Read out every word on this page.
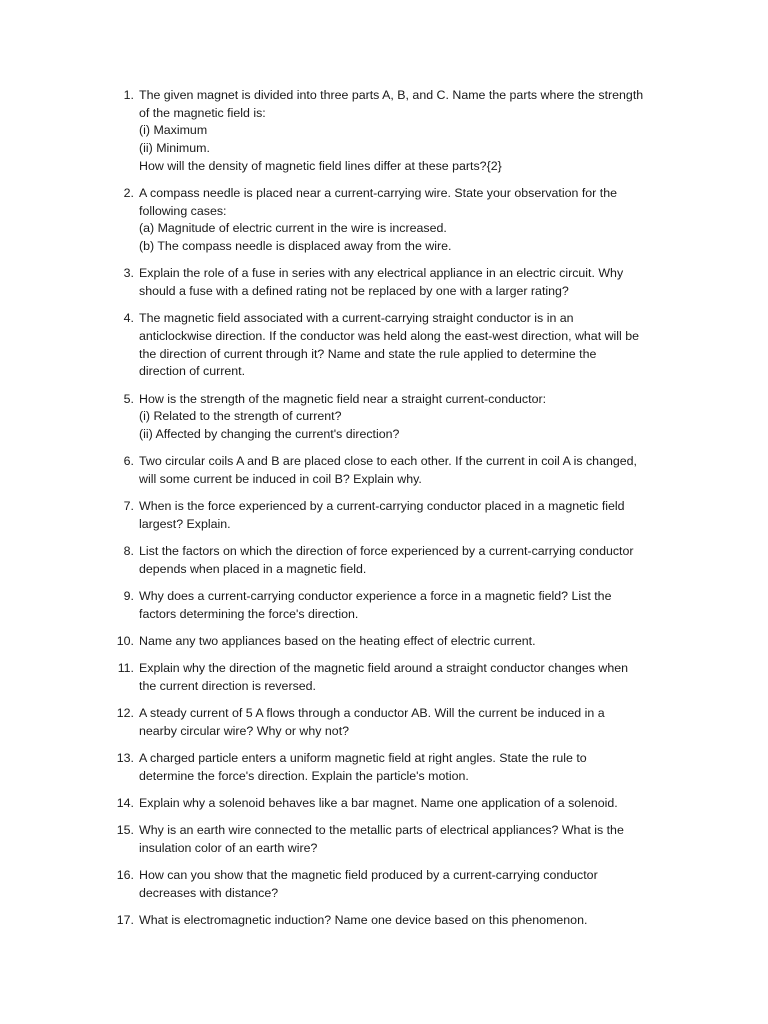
1. The given magnet is divided into three parts A, B, and C. Name the parts where the strength
of the magnetic field is:
(i) Maximum
(ii) Minimum.
How will the density of magnetic field lines differ at these parts?{2}
2. A compass needle is placed near a current-carrying wire. State your observation for the
following cases:
(a) Magnitude of electric current in the wire is increased.
(b) The compass needle is displaced away from the wire.
3. Explain the role of a fuse in series with any electrical appliance in an electric circuit. Why
should a fuse with a defined rating not be replaced by one with a larger rating?
4. The magnetic field associated with a current-carrying straight conductor is in an
anticlockwise direction. If the conductor was held along the east-west direction, what will be
the direction of current through it? Name and state the rule applied to determine the
direction of current.
5. How is the strength of the magnetic field near a straight current-conductor:
(i) Related to the strength of current?
(ii) Affected by changing the current's direction?
6. Two circular coils A and B are placed close to each other. If the current in coil A is changed,
will some current be induced in coil B? Explain why.
7. When is the force experienced by a current-carrying conductor placed in a magnetic field
largest? Explain.
8. List the factors on which the direction of force experienced by a current-carrying conductor
depends when placed in a magnetic field.
9. Why does a current-carrying conductor experience a force in a magnetic field? List the
factors determining the force's direction.
10. Name any two appliances based on the heating effect of electric current.
11. Explain why the direction of the magnetic field around a straight conductor changes when
the current direction is reversed.
12. A steady current of 5 A flows through a conductor AB. Will the current be induced in a
nearby circular wire? Why or why not?
13. A charged particle enters a uniform magnetic field at right angles. State the rule to
determine the force's direction. Explain the particle's motion.
14. Explain why a solenoid behaves like a bar magnet. Name one application of a solenoid.
15. Why is an earth wire connected to the metallic parts of electrical appliances? What is the
insulation color of an earth wire?
16. How can you show that the magnetic field produced by a current-carrying conductor
decreases with distance?
17. What is electromagnetic induction? Name one device based on this phenomenon.
